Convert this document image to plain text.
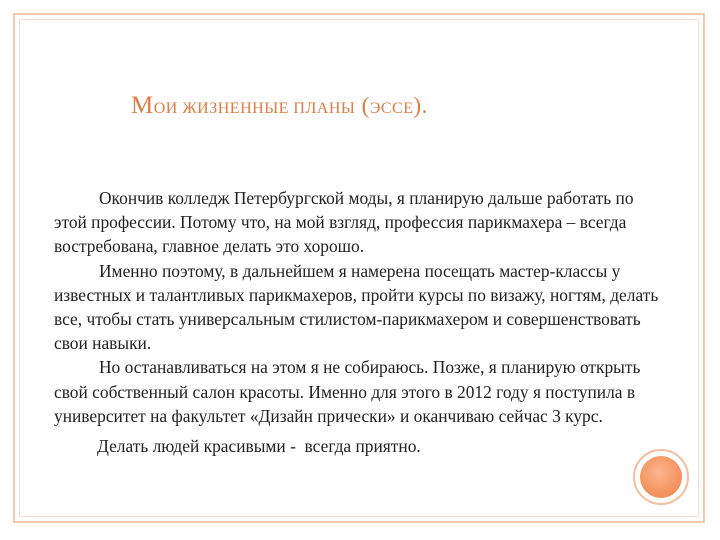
МОИ ЖИЗНЕННЫЕ ПЛАНЫ (ЭССЕ).

Окончив колледж Петербургской моды, я планирую дальше работать по этой профессии. Потому что, на мой взгляд, профессия парикмахера – всегда востребована, главное делать это хорошо.

Именно поэтому, в дальнейшем я намерена посещать мастер-классы у известных и талантливых парикмахеров, пройти курсы по визажу, ногтям, делать все, чтобы стать универсальным стилистом-парикмахером и совершенствовать свои навыки.

Но останавливаться на этом я не собираюсь. Позже, я планирую открыть свой собственный салон красоты. Именно для этого в 2012 году я поступила в университет на факультет «Дизайн прически» и оканчиваю сейчас 3 курс.

Делать людей красивыми -  всегда приятно.
